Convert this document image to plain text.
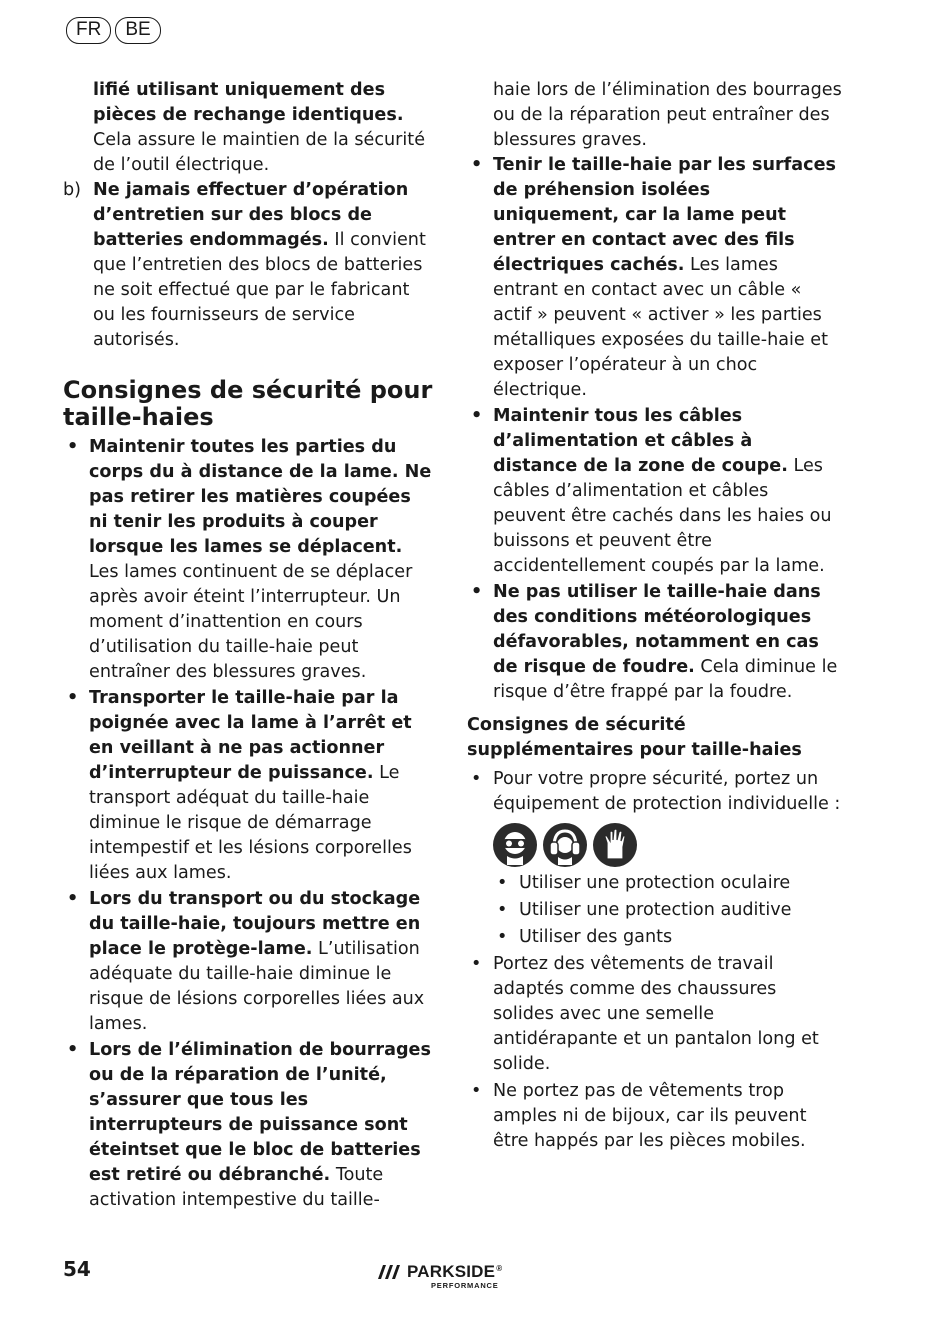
FR	BE

lifié utilisant uniquement des pièces de rechange identiques. Cela assure le maintien de la sécurité de l’outil électrique.

b) Ne jamais effectuer d’opération d’entretien sur des blocs de batteries endommagés. Il convient que l’entretien des blocs de batteries ne soit effectué que par le fabricant ou les fournisseurs de service autorisés.
Consignes de sécurité pour taille-haies
• Maintenir toutes les parties du corps du à distance de la lame. Ne pas retirer les matières coupées ni tenir les produits à couper lorsque les lames se déplacent. Les lames continuent de se déplacer après avoir éteint l’interrupteur. Un moment d’inattention en cours d’utilisation du taille-haie peut entraîner des blessures graves.
• Transporter le taille-haie par la poignée avec la lame à l’arrêt et en veillant à ne pas actionner d’interrupteur de puissance. Le transport adéquat du taille-haie diminue le risque de démarrage intempestif et les lésions corporelles liées aux lames.
• Lors du transport ou du stockage du taille-haie, toujours mettre en place le protège-lame. L’utilisation adéquate du taille-haie diminue le risque de lésions corporelles liées aux lames.
• Lors de l’élimination de bourrages ou de la réparation de l’unité, s’assurer que tous les interrupteurs de puissance sont éteintset que le bloc de batteries est retiré ou débranché. Toute activation intempestive du taille-

haie lors de l’élimination des bourrages ou de la réparation peut entraîner des blessures graves.

• Tenir le taille-haie par les surfaces de préhension isolées uniquement, car la lame peut entrer en contact avec des fils électriques cachés. Les lames entrant en contact avec un câble « actif » peuvent « activer » les parties métalliques exposées du taille-haie et exposer l’opérateur à un choc électrique.
• Maintenir tous les câbles d’alimentation et câbles à distance de la zone de coupe. Les câbles d’alimentation et câbles peuvent être cachés dans les haies ou buissons et peuvent être accidentellement coupés par la lame.
• Ne pas utiliser le taille-haie dans des conditions météorologiques défavorables, notamment en cas de risque de foudre. Cela diminue le risque d’être frappé par la foudre.
Consignes de sécurité supplémentaires pour taille-haies
• Pour votre propre sécurité, portez un équipement de protection individuelle :
• Utiliser une protection oculaire
• Utiliser une protection auditive
• Utiliser des gants
• Portez des vêtements de travail adaptés comme des chaussures solides avec une semelle antidérapante et un pantalon long et solide.
• Ne portez pas de vêtements trop amples ni de bijoux, car ils peuvent être happés par les pièces mobiles.
54	PARKSIDE ®
PERFORMANCE
